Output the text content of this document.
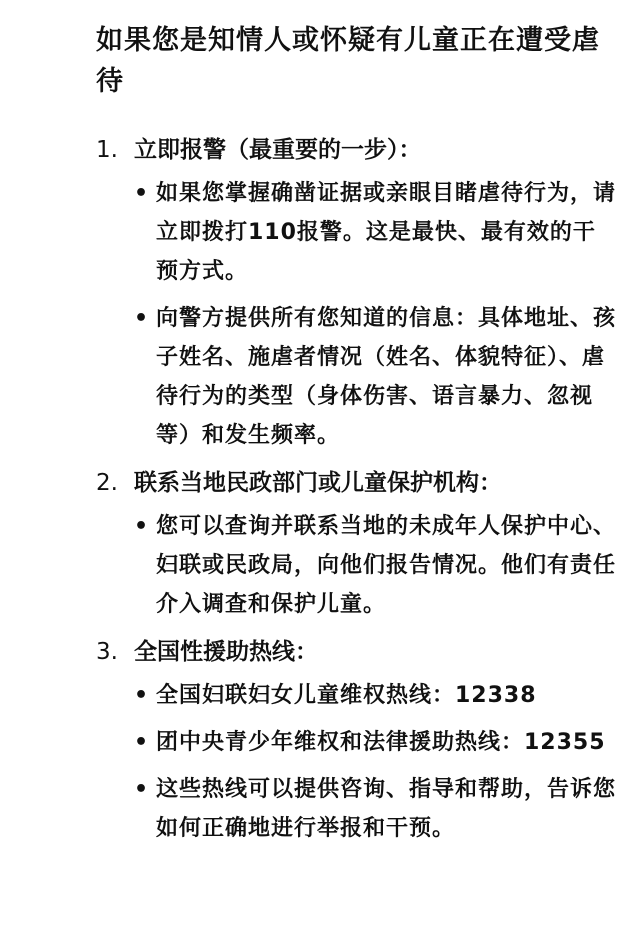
如果您是知情人或怀疑有儿童正在遭受虐待
1. 立即报警（最重要的一步）：
• 如果您掌握确凿证据或亲眼目睹虐待行为，请立即拨打110报警。这是最快、最有效的干预方式。
• 向警方提供所有您知道的信息：具体地址、孩子姓名、施虐者情况（姓名、体貌特征）、虐待行为的类型（身体伤害、语言暴力、忽视等）和发生频率。
2. 联系当地民政部门或儿童保护机构：
• 您可以查询并联系当地的未成年人保护中心、妇联或民政局，向他们报告情况。他们有责任介入调查和保护儿童。
3. 全国性援助热线：
• 全国妇联妇女儿童维权热线：12338
• 团中央青少年维权和法律援助热线：12355
• 这些热线可以提供咨询、指导和帮助，告诉您如何正确地进行举报和干预。
